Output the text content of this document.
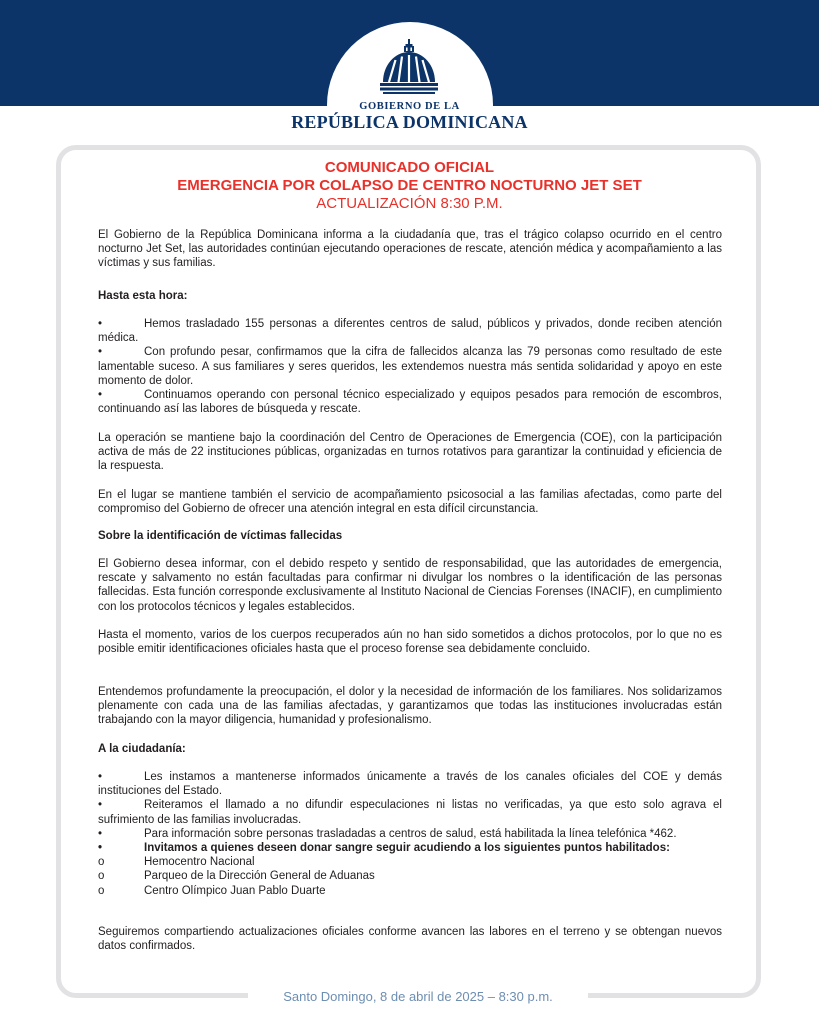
GOBIERNO DE LA
REPÚBLICA DOMINICANA
COMUNICADO OFICIAL
EMERGENCIA POR COLAPSO DE CENTRO NOCTURNO JET SET
ACTUALIZACIÓN 8:30 P.M.

El Gobierno de la República Dominicana informa a la ciudadanía que, tras el trágico colapso ocurrido en el centro nocturno Jet Set, las autoridades continúan ejecutando operaciones de rescate, atención médica y acompañamiento a las víctimas y sus familias.

Hasta esta hora:

•	Hemos trasladado 155 personas a diferentes centros de salud, públicos y privados, donde reciben atención médica.

•	Con profundo pesar, confirmamos que la cifra de fallecidos alcanza las 79 personas como resultado de este lamentable suceso. A sus familiares y seres queridos, les extendemos nuestra más sentida solidaridad y apoyo en este momento de dolor.

•	Continuamos operando con personal técnico especializado y equipos pesados para remoción de escombros, continuando así las labores de búsqueda y rescate.

La operación se mantiene bajo la coordinación del Centro de Operaciones de Emergencia (COE), con la participación activa de más de 22 instituciones públicas, organizadas en turnos rotativos para garantizar la continuidad y eficiencia de la respuesta.

En el lugar se mantiene también el servicio de acompañamiento psicosocial a las familias afectadas, como parte del compromiso del Gobierno de ofrecer una atención integral en esta difícil circunstancia.

Sobre la identificación de víctimas fallecidas

El Gobierno desea informar, con el debido respeto y sentido de responsabilidad, que las autoridades de emergencia, rescate y salvamento no están facultadas para confirmar ni divulgar los nombres o la identificación de las personas fallecidas. Esta función corresponde exclusivamente al Instituto Nacional de Ciencias Forenses (INACIF), en cumplimiento con los protocolos técnicos y legales establecidos.

Hasta el momento, varios de los cuerpos recuperados aún no han sido sometidos a dichos protocolos, por lo que no es posible emitir identificaciones oficiales hasta que el proceso forense sea debidamente concluido.

Entendemos profundamente la preocupación, el dolor y la necesidad de información de los familiares. Nos solidarizamos plenamente con cada una de las familias afectadas, y garantizamos que todas las instituciones involucradas están trabajando con la mayor diligencia, humanidad y profesionalismo.

A la ciudadanía:

•	Les instamos a mantenerse informados únicamente a través de los canales oficiales del COE y demás instituciones del Estado.

•	Reiteramos el llamado a no difundir especulaciones ni listas no verificadas, ya que esto solo agrava el sufrimiento de las familias involucradas.

•	Para información sobre personas trasladadas a centros de salud, está habilitada la línea telefónica *462.

•	Invitamos a quienes deseen donar sangre seguir acudiendo a los siguientes puntos habilitados:

o	Hemocentro Nacional

o	Parqueo de la Dirección General de Aduanas

o	Centro Olímpico Juan Pablo Duarte

Seguiremos compartiendo actualizaciones oficiales conforme avancen las labores en el terreno y se obtengan nuevos datos confirmados.

Santo Domingo, 8 de abril de 2025 – 8:30 p.m.
